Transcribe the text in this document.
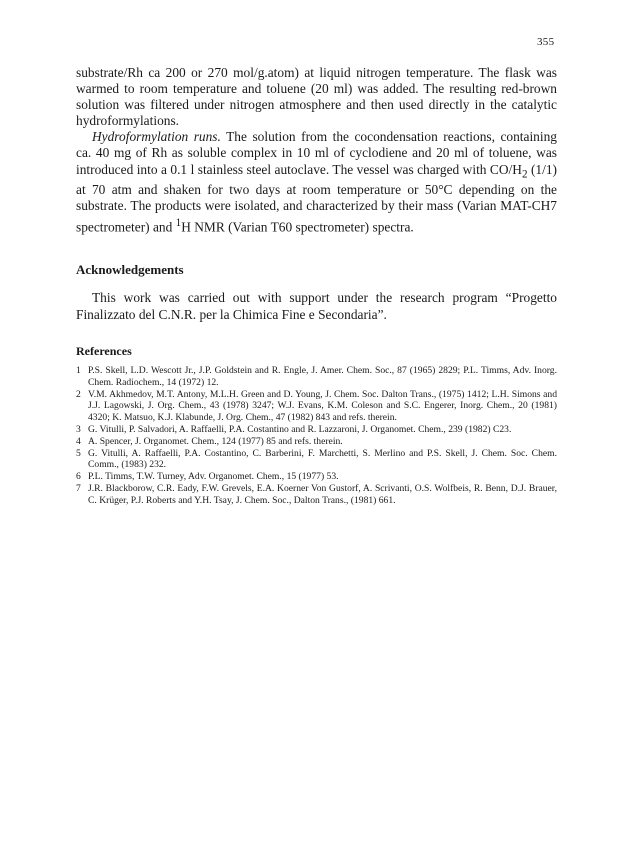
355

substrate/Rh ca 200 or 270 mol/g.atom) at liquid nitrogen temperature. The flask was warmed to room temperature and toluene (20 ml) was added. The resulting red-brown solution was filtered under nitrogen atmosphere and then used directly in the catalytic hydroformylations.

Hydroformylation runs. The solution from the cocondensation reactions, containing ca. 40 mg of Rh as soluble complex in 10 ml of cyclodiene and 20 ml of toluene, was introduced into a 0.1 l stainless steel autoclave. The vessel was charged with $CO/H_2$ (1/1) at 70 atm and shaken for two days at room temperature or 50°C depending on the substrate. The products were isolated, and characterized by their mass (Varian MAT-CH7 spectrometer) and $^1$H NMR (Varian T60 spectrometer) spectra.

Acknowledgements

This work was carried out with support under the research program “Progetto Finalizzato del C.N.R. per la Chimica Fine e Secondaria”.

References
1 P.S. Skell, L.D. Wescott Jr., J.P. Goldstein and R. Engle, J. Amer. Chem. Soc., 87 (1965) 2829; P.L. Timms, Adv. Inorg. Chem. Radiochem., 14 (1972) 12.
2 V.M. Akhmedov, M.T. Antony, M.L.H. Green and D. Young, J. Chem. Soc. Dalton Trans., (1975) 1412; L.H. Simons and J.J. Lagowski, J. Org. Chem., 43 (1978) 3247; W.J. Evans, K.M. Coleson and S.C. Engerer, Inorg. Chem., 20 (1981) 4320; K. Matsuo, K.J. Klabunde, J. Org. Chem., 47 (1982) 843 and refs. therein.
3 G. Vitulli, P. Salvadori, A. Raffaelli, P.A. Costantino and R. Lazzaroni, J. Organomet. Chem., 239 (1982) C23.
4 A. Spencer, J. Organomet. Chem., 124 (1977) 85 and refs. therein.
5 G. Vitulli, A. Raffaelli, P.A. Costantino, C. Barberini, F. Marchetti, S. Merlino and P.S. Skell, J. Chem. Soc. Chem. Comm., (1983) 232.
6 P.L. Timms, T.W. Turney, Adv. Organomet. Chem., 15 (1977) 53.
7 J.R. Blackborow, C.R. Eady, F.W. Grevels, E.A. Koerner Von Gustorf, A. Scrivanti, O.S. Wolfbeis, R. Benn, D.J. Brauer, C. Krüger, P.J. Roberts and Y.H. Tsay, J. Chem. Soc., Dalton Trans., (1981) 661.
